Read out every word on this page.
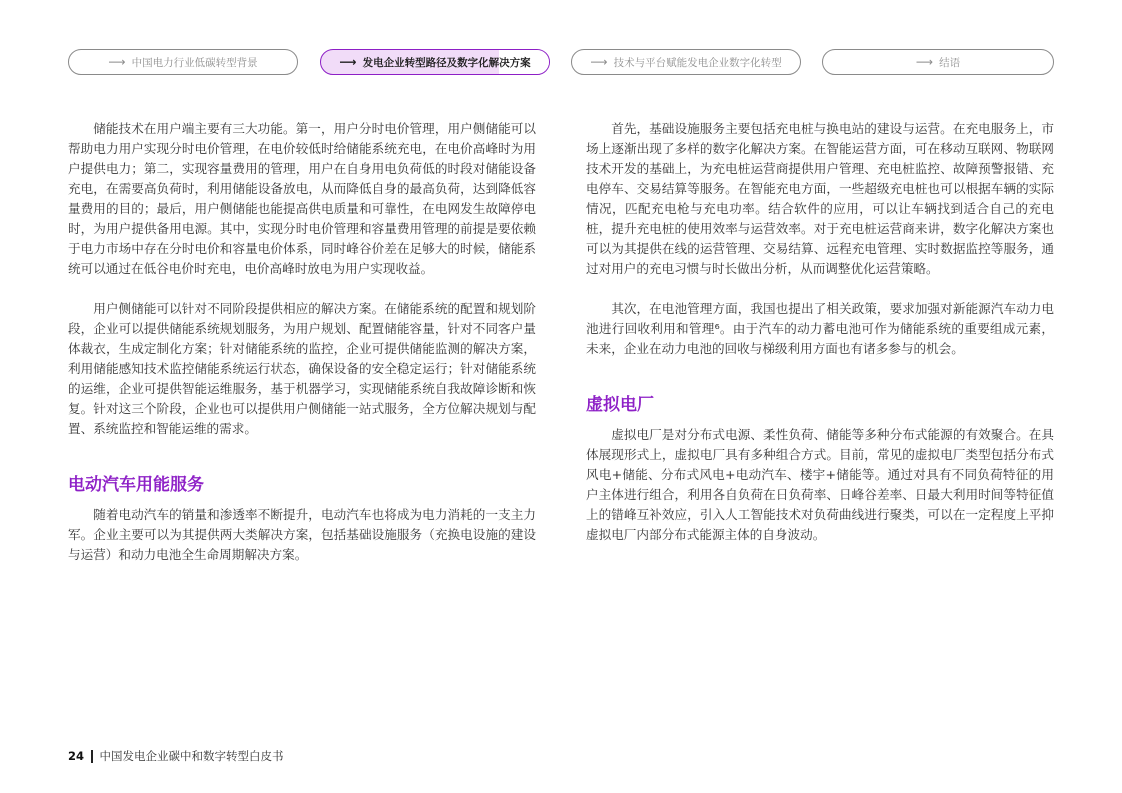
⟶ 中国电力行业低碳转型背景	⟶ 发电企业转型路径及数字化解决方案	⟶ 技术与平台赋能发电企业数字化转型	⟶ 结语

储能技术在用户端主要有三大功能。第一，用户分时电价管理，用户侧储能可以帮助电力用户实现分时电价管理，在电价较低时给储能系统充电，在电价高峰时为用户提供电力；第二，实现容量费用的管理，用户在自身用电负荷低的时段对储能设备充电，在需要高负荷时，利用储能设备放电，从而降低自身的最高负荷，达到降低容量费用的目的；最后，用户侧储能也能提高供电质量和可靠性，在电网发生故障停电时，为用户提供备用电源。其中，实现分时电价管理和容量费用管理的前提是要依赖于电力市场中存在分时电价和容量电价体系，同时峰谷价差在足够大的时候，储能系统可以通过在低谷电价时充电，电价高峰时放电为用户实现收益。

用户侧储能可以针对不同阶段提供相应的解决方案。在储能系统的配置和规划阶段，企业可以提供储能系统规划服务，为用户规划、配置储能容量，针对不同客户量体裁衣，生成定制化方案；针对储能系统的监控，企业可提供储能监测的解决方案，利用储能感知技术监控储能系统运行状态，确保设备的安全稳定运行；针对储能系统的运维，企业可提供智能运维服务，基于机器学习，实现储能系统自我故障诊断和恢复。针对这三个阶段，企业也可以提供用户侧储能一站式服务，全方位解决规划与配置、系统监控和智能运维的需求。

电动汽车用能服务

随着电动汽车的销量和渗透率不断提升，电动汽车也将成为电力消耗的一支主力军。企业主要可以为其提供两大类解决方案，包括基础设施服务（充换电设施的建设与运营）和动力电池全生命周期解决方案。

首先，基础设施服务主要包括充电桩与换电站的建设与运营。在充电服务上，市场上逐渐出现了多样的数字化解决方案。在智能运营方面，可在移动互联网、物联网技术开发的基础上，为充电桩运营商提供用户管理、充电桩监控、故障预警报错、充电停车、交易结算等服务。在智能充电方面，一些超级充电桩也可以根据车辆的实际情况，匹配充电枪与充电功率。结合软件的应用，可以让车辆找到适合自己的充电桩，提升充电桩的使用效率与运营效率。对于充电桩运营商来讲，数字化解决方案也可以为其提供在线的运营管理、交易结算、远程充电管理、实时数据监控等服务，通过对用户的充电习惯与时长做出分析，从而调整优化运营策略。

其次，在电池管理方面，我国也提出了相关政策，要求加强对新能源汽车动力电池进行回收利用和管理⁶。由于汽车的动力蓄电池可作为储能系统的重要组成元素，未来，企业在动力电池的回收与梯级利用方面也有诸多参与的机会。

虚拟电厂

虚拟电厂是对分布式电源、柔性负荷、储能等多种分布式能源的有效聚合。在具体展现形式上，虚拟电厂具有多种组合方式。目前，常见的虚拟电厂类型包括分布式风电+储能、分布式风电+电动汽车、楼宇+储能等。通过对具有不同负荷特征的用户主体进行组合，利用各自负荷在日负荷率、日峰谷差率、日最大利用时间等特征值上的错峰互补效应，引入人工智能技术对负荷曲线进行聚类，可以在一定程度上平抑虚拟电厂内部分布式能源主体的自身波动。

24 中国发电企业碳中和数字转型白皮书
